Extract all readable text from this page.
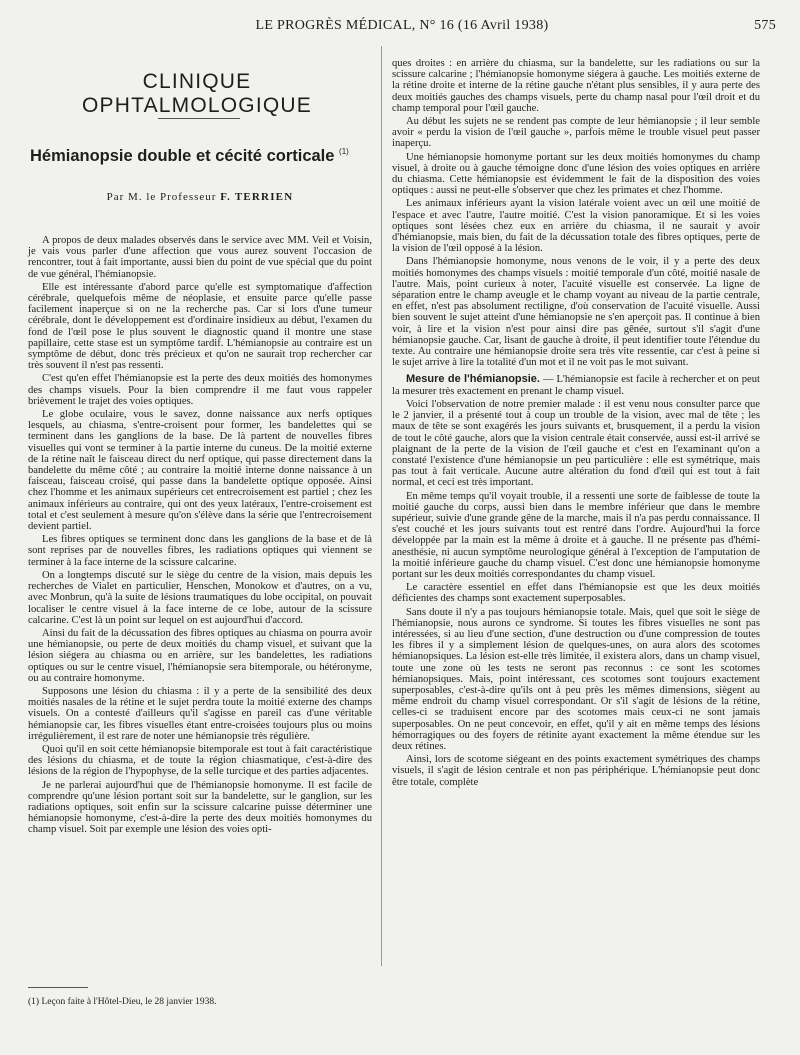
LE PROGRÈS MÉDICAL, N° 16 (16 Avril 1938)	575
CLINIQUE OPHTALMOLOGIQUE
Hémianopsie double et cécité corticale $^{(1)}$
Par M. le Professeur F. TERRIEN

A propos de deux malades observés dans le service avec MM. Veil et Voisin, je vais vous parler d'une affection que vous aurez souvent l'occasion de rencontrer, tout à fait importante, aussi bien du point de vue spécial que du point de vue général, l'hémianopsie.

Elle est intéressante d'abord parce qu'elle est symptomatique d'affection cérébrale, quelquefois même de néoplasie, et ensuite parce qu'elle passe facilement inaperçue si on ne la recherche pas. Car si lors d'une tumeur cérébrale, dont le développement est d'ordinaire insidieux au début, l'examen du fond de l'œil pose le plus souvent le diagnostic quand il montre une stase papillaire, cette stase est un symptôme tardif. L'hémianopsie au contraire est un symptôme de début, donc très précieux et qu'on ne saurait trop rechercher car très souvent il n'est pas ressenti.

C'est qu'en effet l'hémianopsie est la perte des deux moitiés des homonymes des champs visuels. Pour la bien comprendre il me faut vous rappeler brièvement le trajet des voies optiques.

Le globe oculaire, vous le savez, donne naissance aux nerfs optiques lesquels, au chiasma, s'entre-croisent pour former, les bandelettes qui se terminent dans les ganglions de la base. De là partent de nouvelles fibres visuelles qui vont se terminer à la partie interne du cuneus. De la moitié externe de la rétine naît le faisceau direct du nerf optique, qui passe directement dans la bandelette du même côté ; au contraire la moitié interne donne naissance à un faisceau, faisceau croisé, qui passe dans la bandelette optique opposée. Ainsi chez l'homme et les animaux supérieurs cet entrecroisement est partiel ; chez les animaux inférieurs au contraire, qui ont des yeux latéraux, l'entre-croisement est total et c'est seulement à mesure qu'on s'élève dans la série que l'entrecroisement devient partiel.

Les fibres optiques se terminent donc dans les ganglions de la base et de là sont reprises par de nouvelles fibres, les radiations optiques qui viennent se terminer à la face interne de la scissure calcarine.

On a longtemps discuté sur le siège du centre de la vision, mais depuis les recherches de Vialet en particulier, Henschen, Monokow et d'autres, on a vu, avec Monbrun, qu'à la suite de lésions traumatiques du lobe occipital, on pouvait localiser le centre visuel à la face interne de ce lobe, autour de la scissure calcarine. C'est là un point sur lequel on est aujourd'hui d'accord.

Ainsi du fait de la décussation des fibres optiques au chiasma on pourra avoir une hémianopsie, ou perte de deux moitiés du champ visuel, et suivant que la lésion siégera au chiasma ou en arrière, sur les bandelettes, les radiations optiques ou sur le centre visuel, l'hémianopsie sera bitemporale, ou hétéronyme, ou au contraire homonyme.

Supposons une lésion du chiasma : il y a perte de la sensibilité des deux moitiés nasales de la rétine et le sujet perdra toute la moitié externe des champs visuels. On a contesté d'ailleurs qu'il s'agisse en pareil cas d'une véritable hémianopsie car, les fibres visuelles étant entre-croisées toujours plus ou moins irrégulièrement, il est rare de noter une hémianopsie très régulière.

Quoi qu'il en soit cette hémianopsie bitemporale est tout à fait caractéristique des lésions du chiasma, et de toute la région chiasmatique, c'est-à-dire des lésions de la région de l'hypophyse, de la selle turcique et des parties adjacentes.

Je ne parlerai aujourd'hui que de l'hémianopsie homonyme. Il est facile de comprendre qu'une lésion portant soit sur la bandelette, sur le ganglion, sur les radiations optiques, soit enfin sur la scissure calcarine puisse déterminer une hémianopsie homonyme, c'est-à-dire la perte des deux moitiés homonymes du champ visuel. Soit par exemple une lésion des voies opti-

(1) Leçon faite à l'Hôtel-Dieu, le 28 janvier 1938.

ques droites : en arrière du chiasma, sur la bandelette, sur les radiations ou sur la scissure calcarine ; l'hémianopsie homonyme siégera à gauche. Les moitiés externe de la rétine droite et interne de la rétine gauche n'étant plus sensibles, il y aura perte des deux moitiés gauches des champs visuels, perte du champ nasal pour l'œil droit et du champ temporal pour l'œil gauche.

Au début les sujets ne se rendent pas compte de leur hémianopsie ; il leur semble avoir « perdu la vision de l'œil gauche », parfois même le trouble visuel peut passer inaperçu.

Une hémianopsie homonyme portant sur les deux moitiés homonymes du champ visuel, à droite ou à gauche témoigne donc d'une lésion des voies optiques en arrière du chiasma. Cette hémianopsie est évidemment le fait de la disposition des voies optiques : aussi ne peut-elle s'observer que chez les primates et chez l'homme.

Les animaux inférieurs ayant la vision latérale voient avec un œil une moitié de l'espace et avec l'autre, l'autre moitié. C'est la vision panoramique. Et si les voies optiques sont lésées chez eux en arrière du chiasma, il ne saurait y avoir d'hémianopsie, mais bien, du fait de la décussation totale des fibres optiques, perte de la vision de l'œil opposé à la lésion.

Dans l'hémianopsie homonyme, nous venons de le voir, il y a perte des deux moitiés homonymes des champs visuels : moitié temporale d'un côté, moitié nasale de l'autre. Mais, point curieux à noter, l'acuité visuelle est conservée. La ligne de séparation entre le champ aveugle et le champ voyant au niveau de la partie centrale, en effet, n'est pas absolument rectiligne, d'où conservation de l'acuité visuelle. Aussi bien souvent le sujet atteint d'une hémianopsie ne s'en aperçoit pas. Il continue à bien voir, à lire et la vision n'est pour ainsi dire pas gênée, surtout s'il s'agit d'une hémianopsie gauche. Car, lisant de gauche à droite, il peut identifier toute l'étendue du texte. Au contraire une hémianopsie droite sera très vite ressentie, car c'est à peine si le sujet arrive à lire la totalité d'un mot et il ne voit pas le mot suivant.

Mesure de l'hémianopsie. — L'hémianopsie est facile à rechercher et on peut la mesurer très exactement en prenant le champ visuel.

Voici l'observation de notre premier malade : il est venu nous consulter parce que le 2 janvier, il a présenté tout à coup un trouble de la vision, avec mal de tête ; les maux de tête se sont exagérés les jours suivants et, brusquement, il a perdu la vision de tout le côté gauche, alors que la vision centrale était conservée, aussi est-il arrivé se plaignant de la perte de la vision de l'œil gauche et c'est en l'examinant qu'on a constaté l'existence d'une hémianopsie un peu particulière : elle est symétrique, mais pas tout à fait verticale. Aucune autre altération du fond d'œil qui est tout à fait normal, et ceci est très important.

En même temps qu'il voyait trouble, il a ressenti une sorte de faiblesse de toute la moitié gauche du corps, aussi bien dans le membre inférieur que dans le membre supérieur, suivie d'une grande gêne de la marche, mais il n'a pas perdu connaissance. Il s'est couché et les jours suivants tout est rentré dans l'ordre. Aujourd'hui la force développée par la main est la même à droite et à gauche. Il ne présente pas d'hémi-anesthésie, ni aucun symptôme neurologique général à l'exception de l'amputation de la moitié inférieure gauche du champ visuel. C'est donc une hémianopsie homonyme portant sur les deux moitiés correspondantes du champ visuel.

Le caractère essentiel en effet dans l'hémianopsie est que les deux moitiés déficientes des champs sont exactement superposables.

Sans doute il n'y a pas toujours hémianopsie totale. Mais, quel que soit le siège de l'hémianopsie, nous aurons ce syndrome. Si toutes les fibres visuelles ne sont pas intéressées, si au lieu d'une section, d'une destruction ou d'une compression de toutes les fibres il y a simplement lésion de quelques-unes, on aura alors des scotomes hémianopsiques. La lésion est-elle très limitée, il existera alors, dans un champ visuel, toute une zone où les tests ne seront pas reconnus : ce sont les scotomes hémianopsiques. Mais, point intéressant, ces scotomes sont toujours exactement superposables, c'est-à-dire qu'ils ont à peu près les mêmes dimensions, siègent au même endroit du champ visuel correspondant. Or s'il s'agit de lésions de la rétine, celles-ci se traduisent encore par des scotomes mais ceux-ci ne sont jamais superposables. On ne peut concevoir, en effet, qu'il y ait en même temps des lésions hémorragiques ou des foyers de rétinite ayant exactement la même étendue sur les deux rétines.

Ainsi, lors de scotome siégeant en des points exactement symétriques des champs visuels, il s'agit de lésion centrale et non pas périphérique. L'hémianopsie peut donc être totale, complète
